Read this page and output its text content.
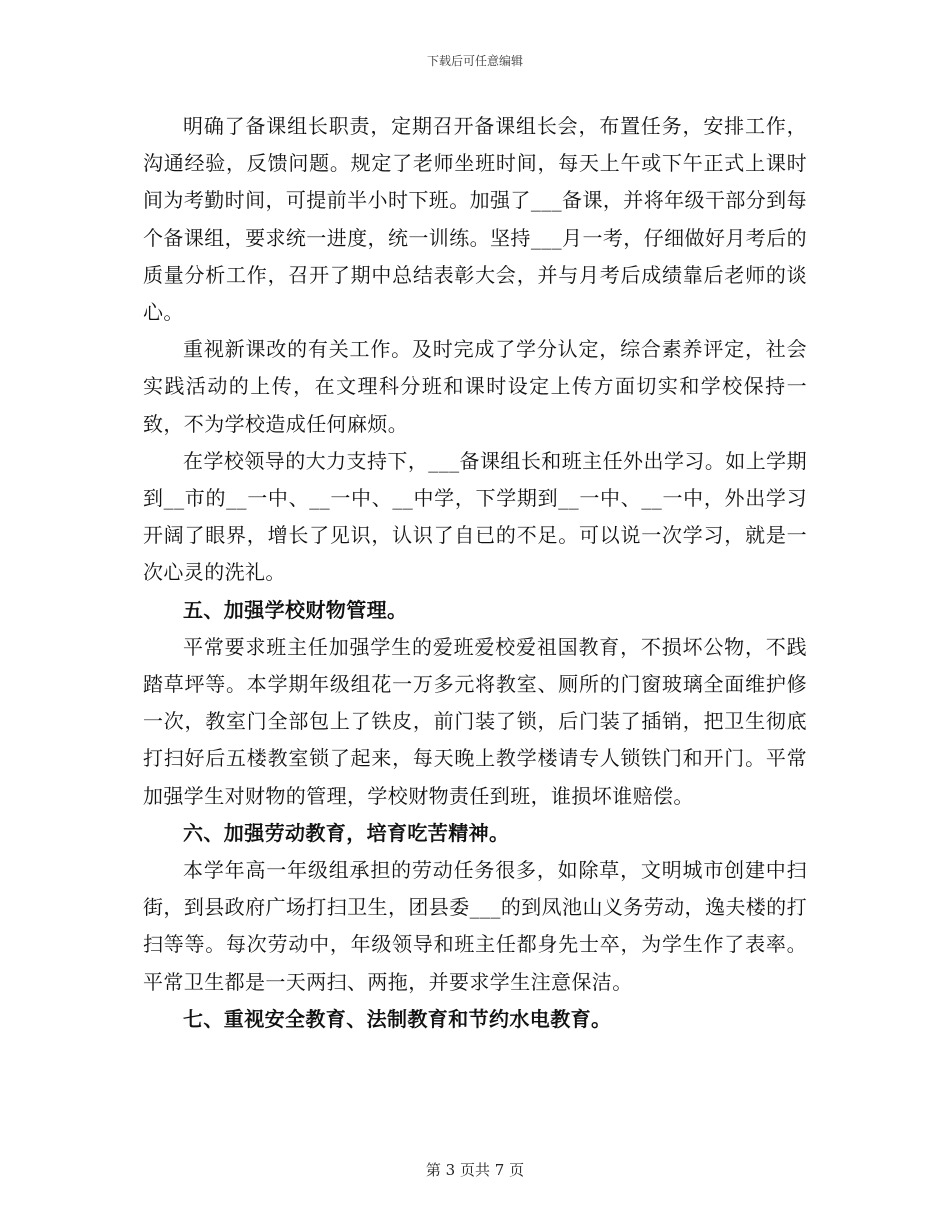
下载后可任意编辑

明确了备课组长职责，定期召开备课组长会，布置任务，安排工作，沟通经验，反馈问题。规定了老师坐班时间，每天上午或下午正式上课时间为考勤时间，可提前半小时下班。加强了___备课，并将年级干部分到每个备课组，要求统一进度，统一训练。坚持___月一考，仔细做好月考后的质量分析工作，召开了期中总结表彰大会，并与月考后成绩靠后老师的谈心。

重视新课改的有关工作。及时完成了学分认定，综合素养评定，社会实践活动的上传，在文理科分班和课时设定上传方面切实和学校保持一致，不为学校造成任何麻烦。

在学校领导的大力支持下，___备课组长和班主任外出学习。如上学期到__市的__一中、__一中、__中学，下学期到__一中、__一中，外出学习开阔了眼界，增长了见识，认识了自已的不足。可以说一次学习，就是一次心灵的洗礼。

五、加强学校财物管理。

平常要求班主任加强学生的爱班爱校爱祖国教育，不损坏公物，不践踏草坪等。本学期年级组花一万多元将教室、厕所的门窗玻璃全面维护修一次，教室门全部包上了铁皮，前门装了锁，后门装了插销，把卫生彻底打扫好后五楼教室锁了起来，每天晚上教学楼请专人锁铁门和开门。平常加强学生对财物的管理，学校财物责任到班，谁损坏谁赔偿。

六、加强劳动教育，培育吃苦精神。

本学年高一年级组承担的劳动任务很多，如除草，文明城市创建中扫街，到县政府广场打扫卫生，团县委___的到凤池山义务劳动，逸夫楼的打扫等等。每次劳动中，年级领导和班主任都身先士卒，为学生作了表率。平常卫生都是一天两扫、两拖，并要求学生注意保洁。

七、重视安全教育、法制教育和节约水电教育。

第 3 页共 7 页
